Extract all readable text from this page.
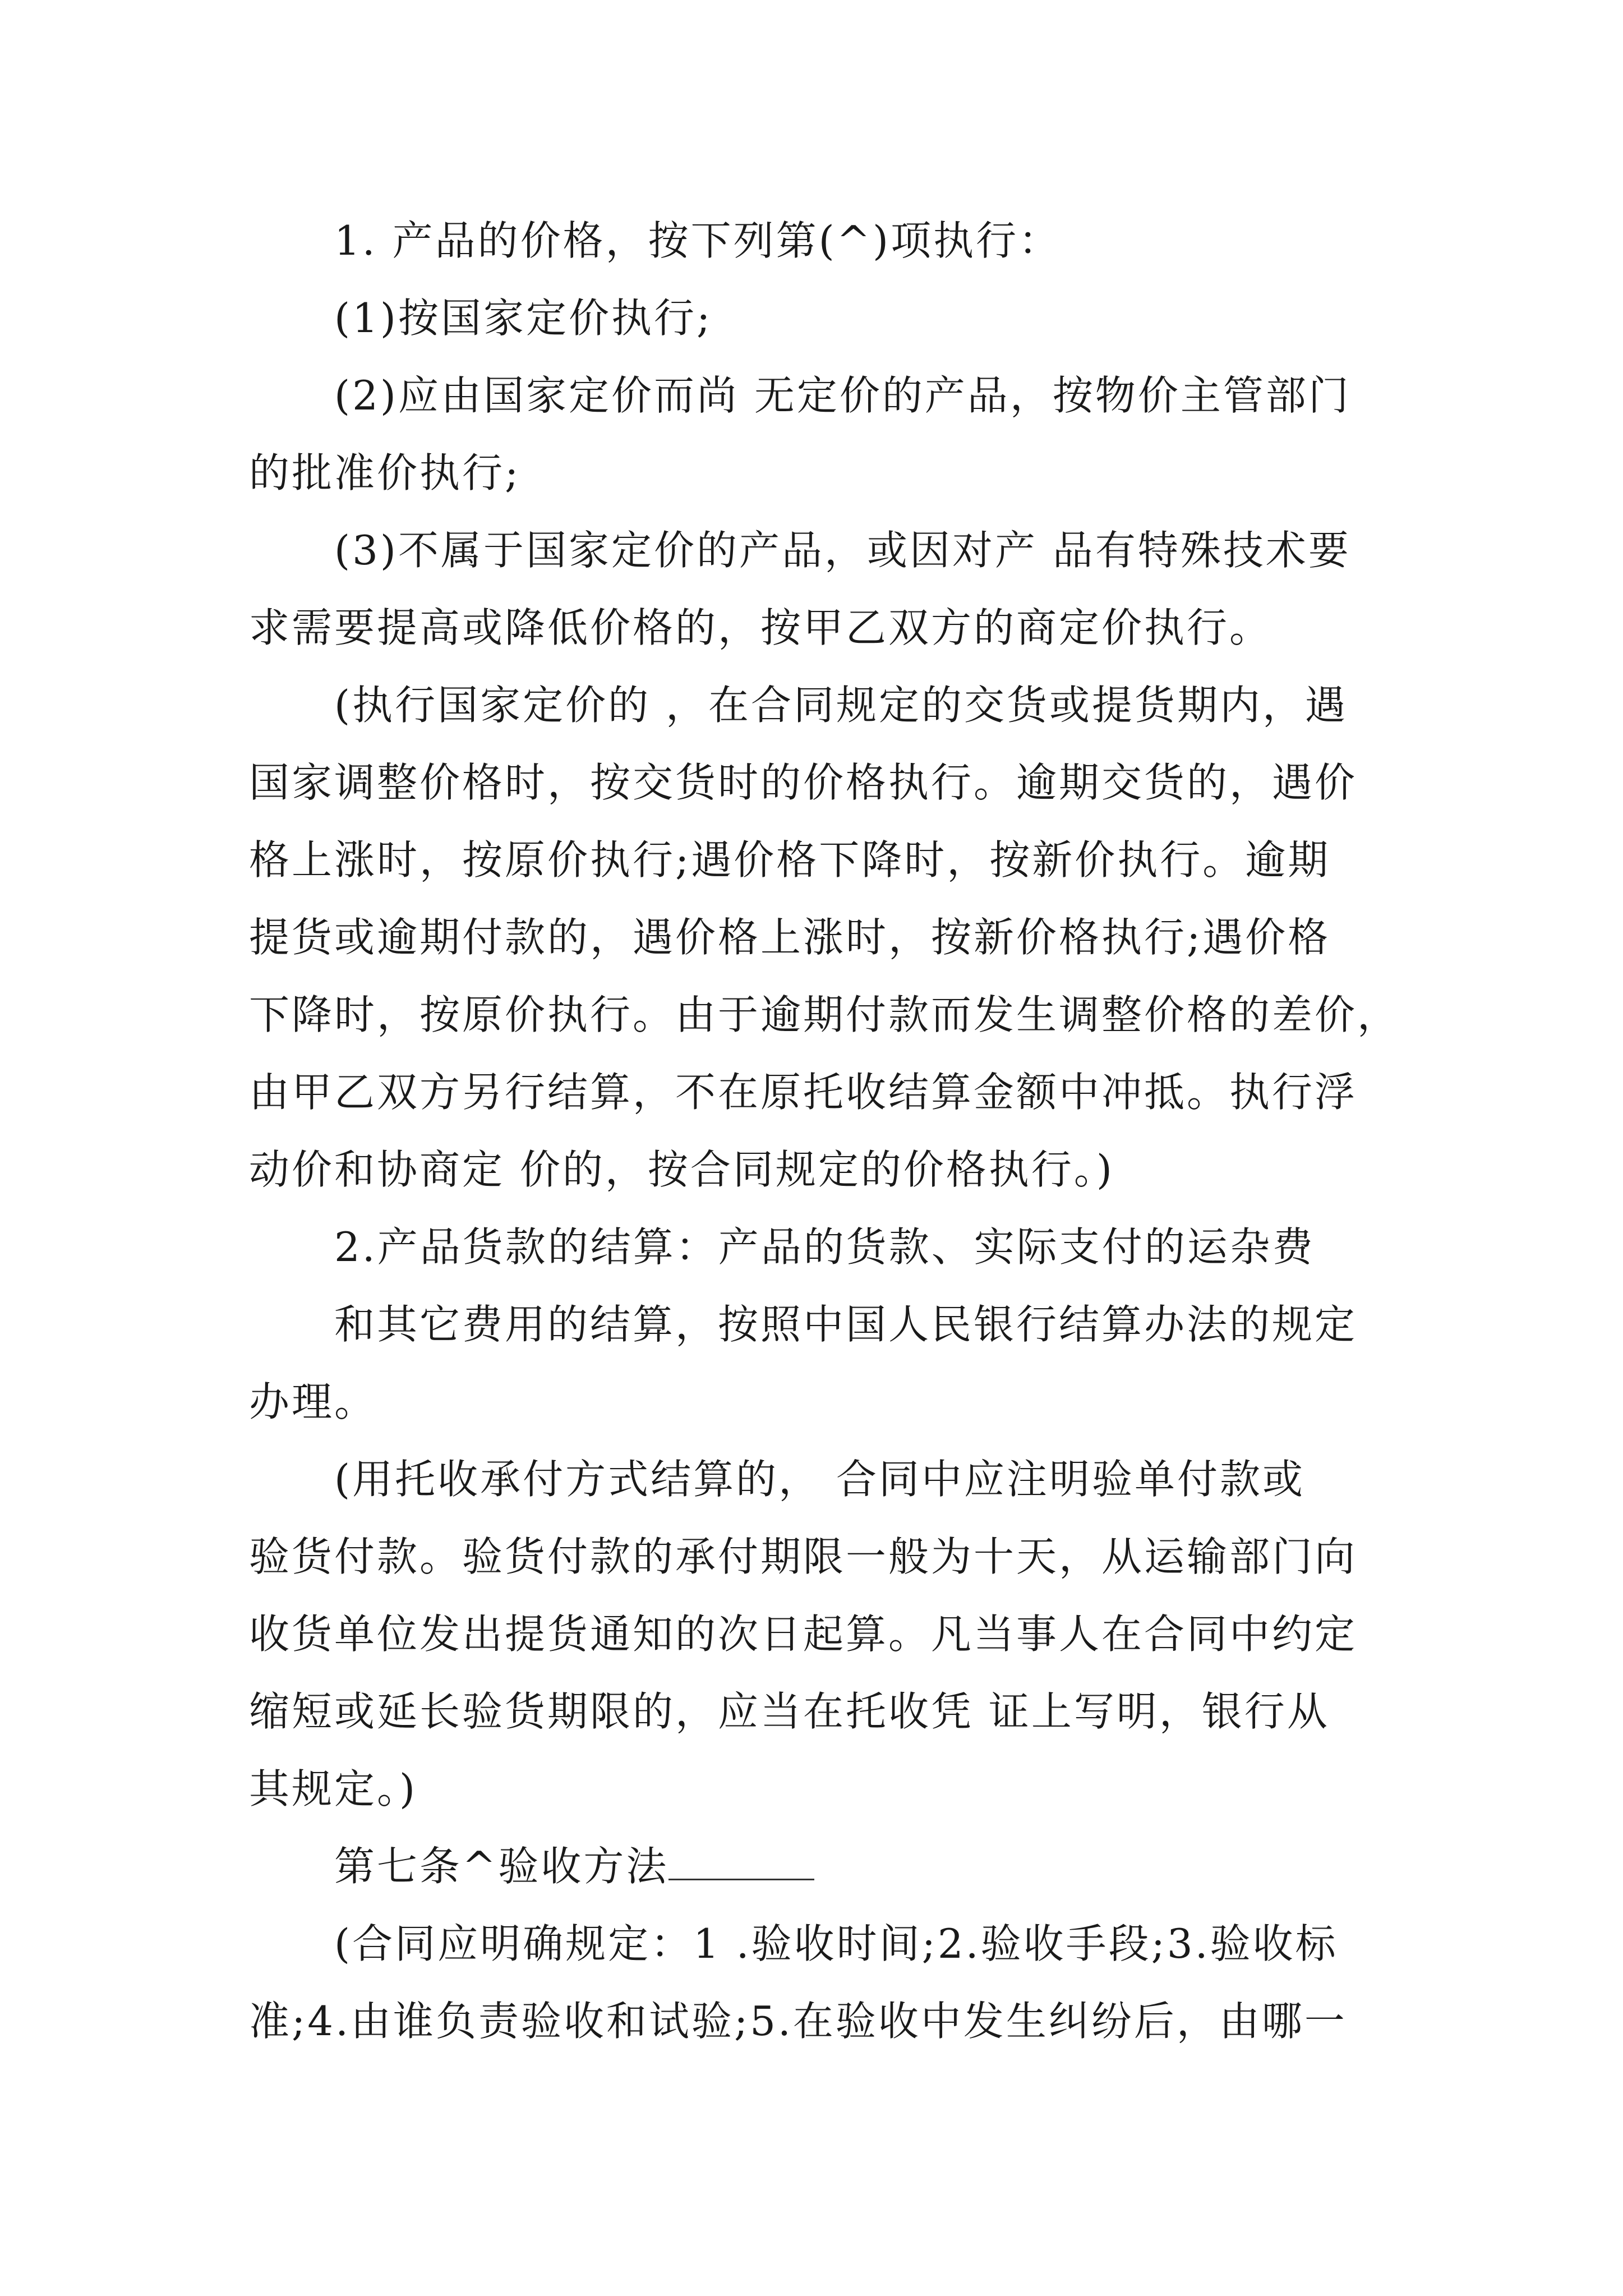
1. 产品的价格，按下列第(^)项执行：
(1)按国家定价执行;
(2)应由国家定价而尚 无定价的产品，按物价主管部门
的批准价执行;
(3)不属于国家定价的产品，或因对产 品有特殊技术要
求需要提高或降低价格的，按甲乙双方的商定价执行。
(执行国家定价的 ，在合同规定的交货或提货期内，遇
国家调整价格时，按交货时的价格执行。逾期交货的，遇价
格上涨时，按原价执行;遇价格下降时，按新价执行。逾期
提货或逾期付款的，遇价格上涨时，按新价格执行;遇价格
下降时，按原价执行。由于逾期付款而发生调整价格的差价，
由甲乙双方另行结算，不在原托收结算金额中冲抵。执行浮
动价和协商定 价的，按合同规定的价格执行。)
2.产品货款的结算：产品的货款、实际支付的运杂费
和其它费用的结算，按照中国人民银行结算办法的规定
办理。
(用托收承付方式结算的， 合同中应注明验单付款或
验货付款。验货付款的承付期限一般为十天，从运输部门向
收货单位发出提货通知的次日起算。凡当事人在合同中约定
缩短或延长验货期限的，应当在托收凭 证上写明，银行从
其规定。)
第七条^验收方法
(合同应明确规定：1 .验收时间;2.验收手段;3.验收标
准;4.由谁负责验收和试验;5.在验收中发生纠纷后，由哪一
